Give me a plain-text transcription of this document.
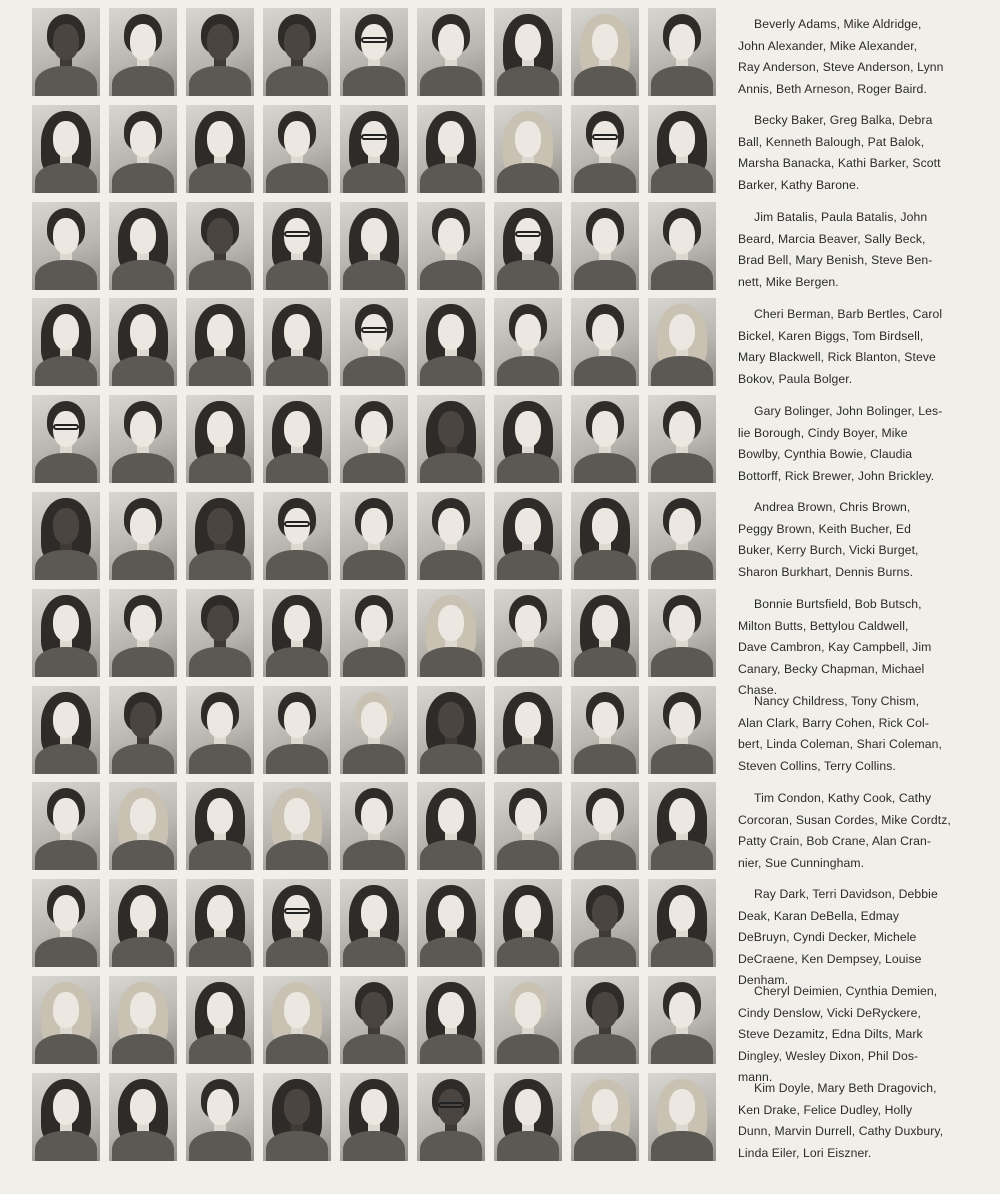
Beverly Adams, Mike Aldridge,
John Alexander, Mike Alexander,
Ray Anderson, Steve Anderson, Lynn
Annis, Beth Arneson, Roger Baird.
Becky Baker, Greg Balka, Debra
Ball, Kenneth Balough, Pat Balok,
Marsha Banacka, Kathi Barker, Scott
Barker, Kathy Barone.
Jim Batalis, Paula Batalis, John
Beard, Marcia Beaver, Sally Beck,
Brad Bell, Mary Benish, Steve Ben-
nett, Mike Bergen.
Cheri Berman, Barb Bertles, Carol
Bickel, Karen Biggs, Tom Birdsell,
Mary Blackwell, Rick Blanton, Steve
Bokov, Paula Bolger.
Gary Bolinger, John Bolinger, Les-
lie Borough, Cindy Boyer, Mike
Bowlby, Cynthia Bowie, Claudia
Bottorff, Rick Brewer, John Brickley.
Andrea Brown, Chris Brown,
Peggy Brown, Keith Bucher, Ed
Buker, Kerry Burch, Vicki Burget,
Sharon Burkhart, Dennis Burns.
Bonnie Burtsfield, Bob Butsch,
Milton Butts, Bettylou Caldwell,
Dave Cambron, Kay Campbell, Jim
Canary, Becky Chapman, Michael
Chase.
Nancy Childress, Tony Chism,
Alan Clark, Barry Cohen, Rick Col-
bert, Linda Coleman, Shari Coleman,
Steven Collins, Terry Collins.
Tim Condon, Kathy Cook, Cathy
Corcoran, Susan Cordes, Mike Cordtz,
Patty Crain, Bob Crane, Alan Cran-
nier, Sue Cunningham.
Ray Dark, Terri Davidson, Debbie
Deak, Karan DeBella, Edmay
DeBruyn, Cyndi Decker, Michele
DeCraene, Ken Dempsey, Louise
Denham.
Cheryl Deimien, Cynthia Demien,
Cindy Denslow, Vicki DeRyckere,
Steve Dezamitz, Edna Dilts, Mark
Dingley, Wesley Dixon, Phil Dos-
mann.
Kim Doyle, Mary Beth Dragovich,
Ken Drake, Felice Dudley, Holly
Dunn, Marvin Durrell, Cathy Duxbury,
Linda Eiler, Lori Eiszner.
